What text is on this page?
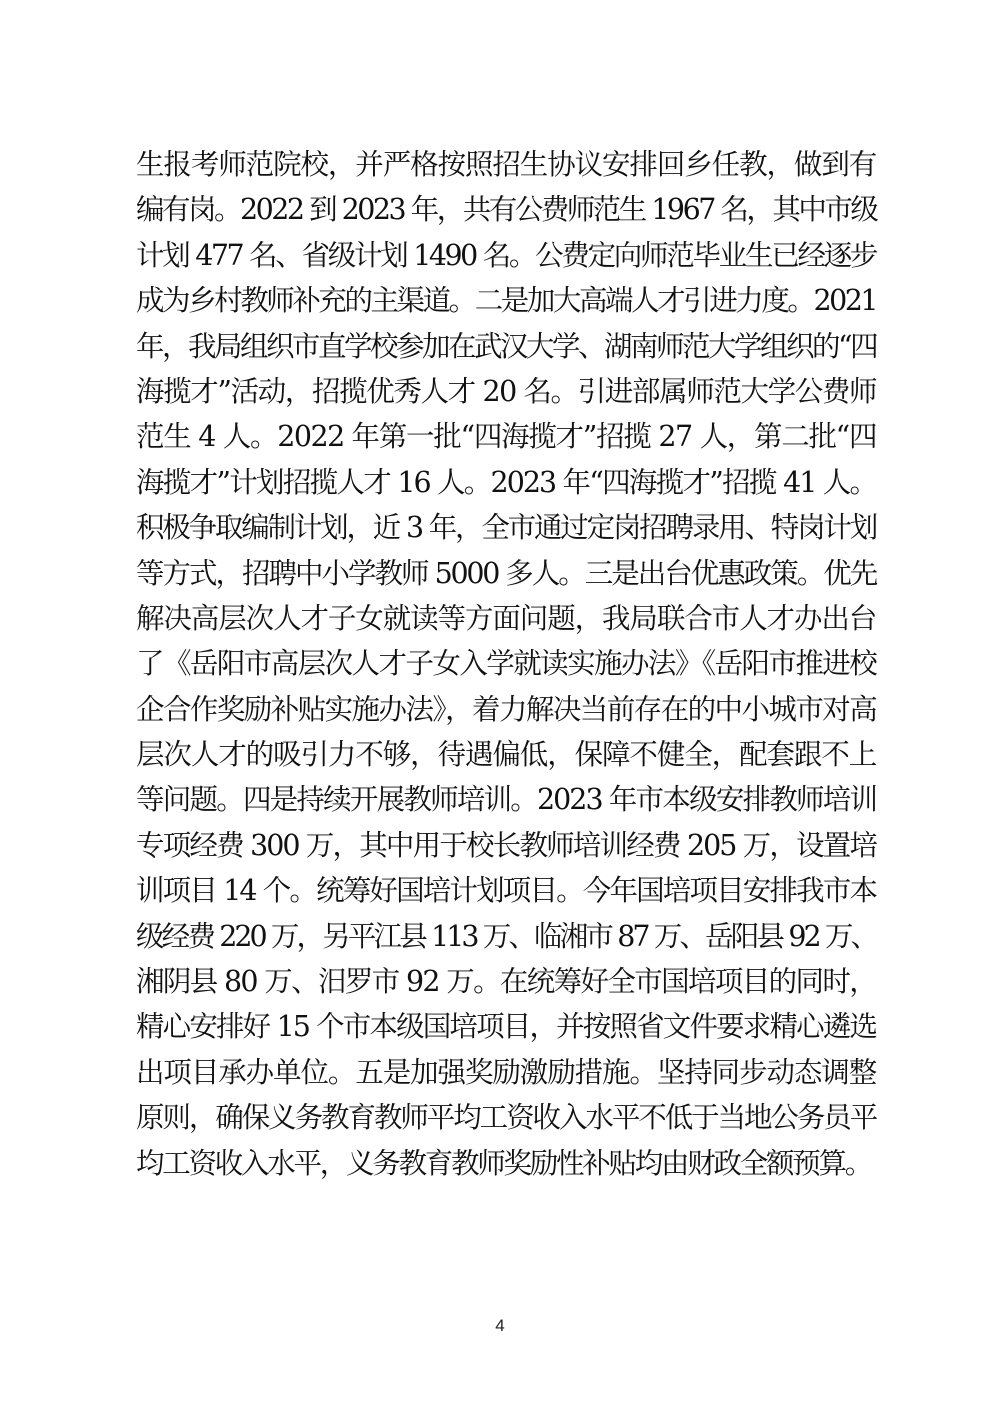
生报考师范院校，并严格按照招生协议安排回乡任教，做到有
编有岗。2022 到 2023 年，共有公费师范生 1967 名，其中市级
计划 477 名、省级计划 1490 名。公费定向师范毕业生已经逐步
成为乡村教师补充的主渠道。二是加大高端人才引进力度。2021
年，我局组织市直学校参加在武汉大学、湖南师范大学组织的“四
海揽才”活动，招揽优秀人才 20 名。引进部属师范大学公费师
范生 4 人。2022 年第一批“四海揽才”招揽 27 人，第二批“四
海揽才”计划招揽人才 16 人。2023 年“四海揽才”招揽 41 人。
积极争取编制计划，近 3 年，全市通过定岗招聘录用、特岗计划
等方式，招聘中小学教师 5000 多人。三是出台优惠政策。优先
解决高层次人才子女就读等方面问题，我局联合市人才办出台
了《岳阳市高层次人才子女入学就读实施办法》《岳阳市推进校
企合作奖励补贴实施办法》，着力解决当前存在的中小城市对高
层次人才的吸引力不够，待遇偏低，保障不健全，配套跟不上
等问题。四是持续开展教师培训。2023 年市本级安排教师培训
专项经费 300 万，其中用于校长教师培训经费 205 万，设置培
训项目 14 个。统筹好国培计划项目。今年国培项目安排我市本
级经费 220 万，另平江县 113 万、临湘市 87 万、岳阳县 92 万、
湘阴县 80 万、汨罗市 92 万。在统筹好全市国培项目的同时，
精心安排好 15 个市本级国培项目，并按照省文件要求精心遴选
出项目承办单位。五是加强奖励激励措施。坚持同步动态调整
原则，确保义务教育教师平均工资收入水平不低于当地公务员平
均工资收入水平，义务教育教师奖励性补贴均由财政全额预算。
4
